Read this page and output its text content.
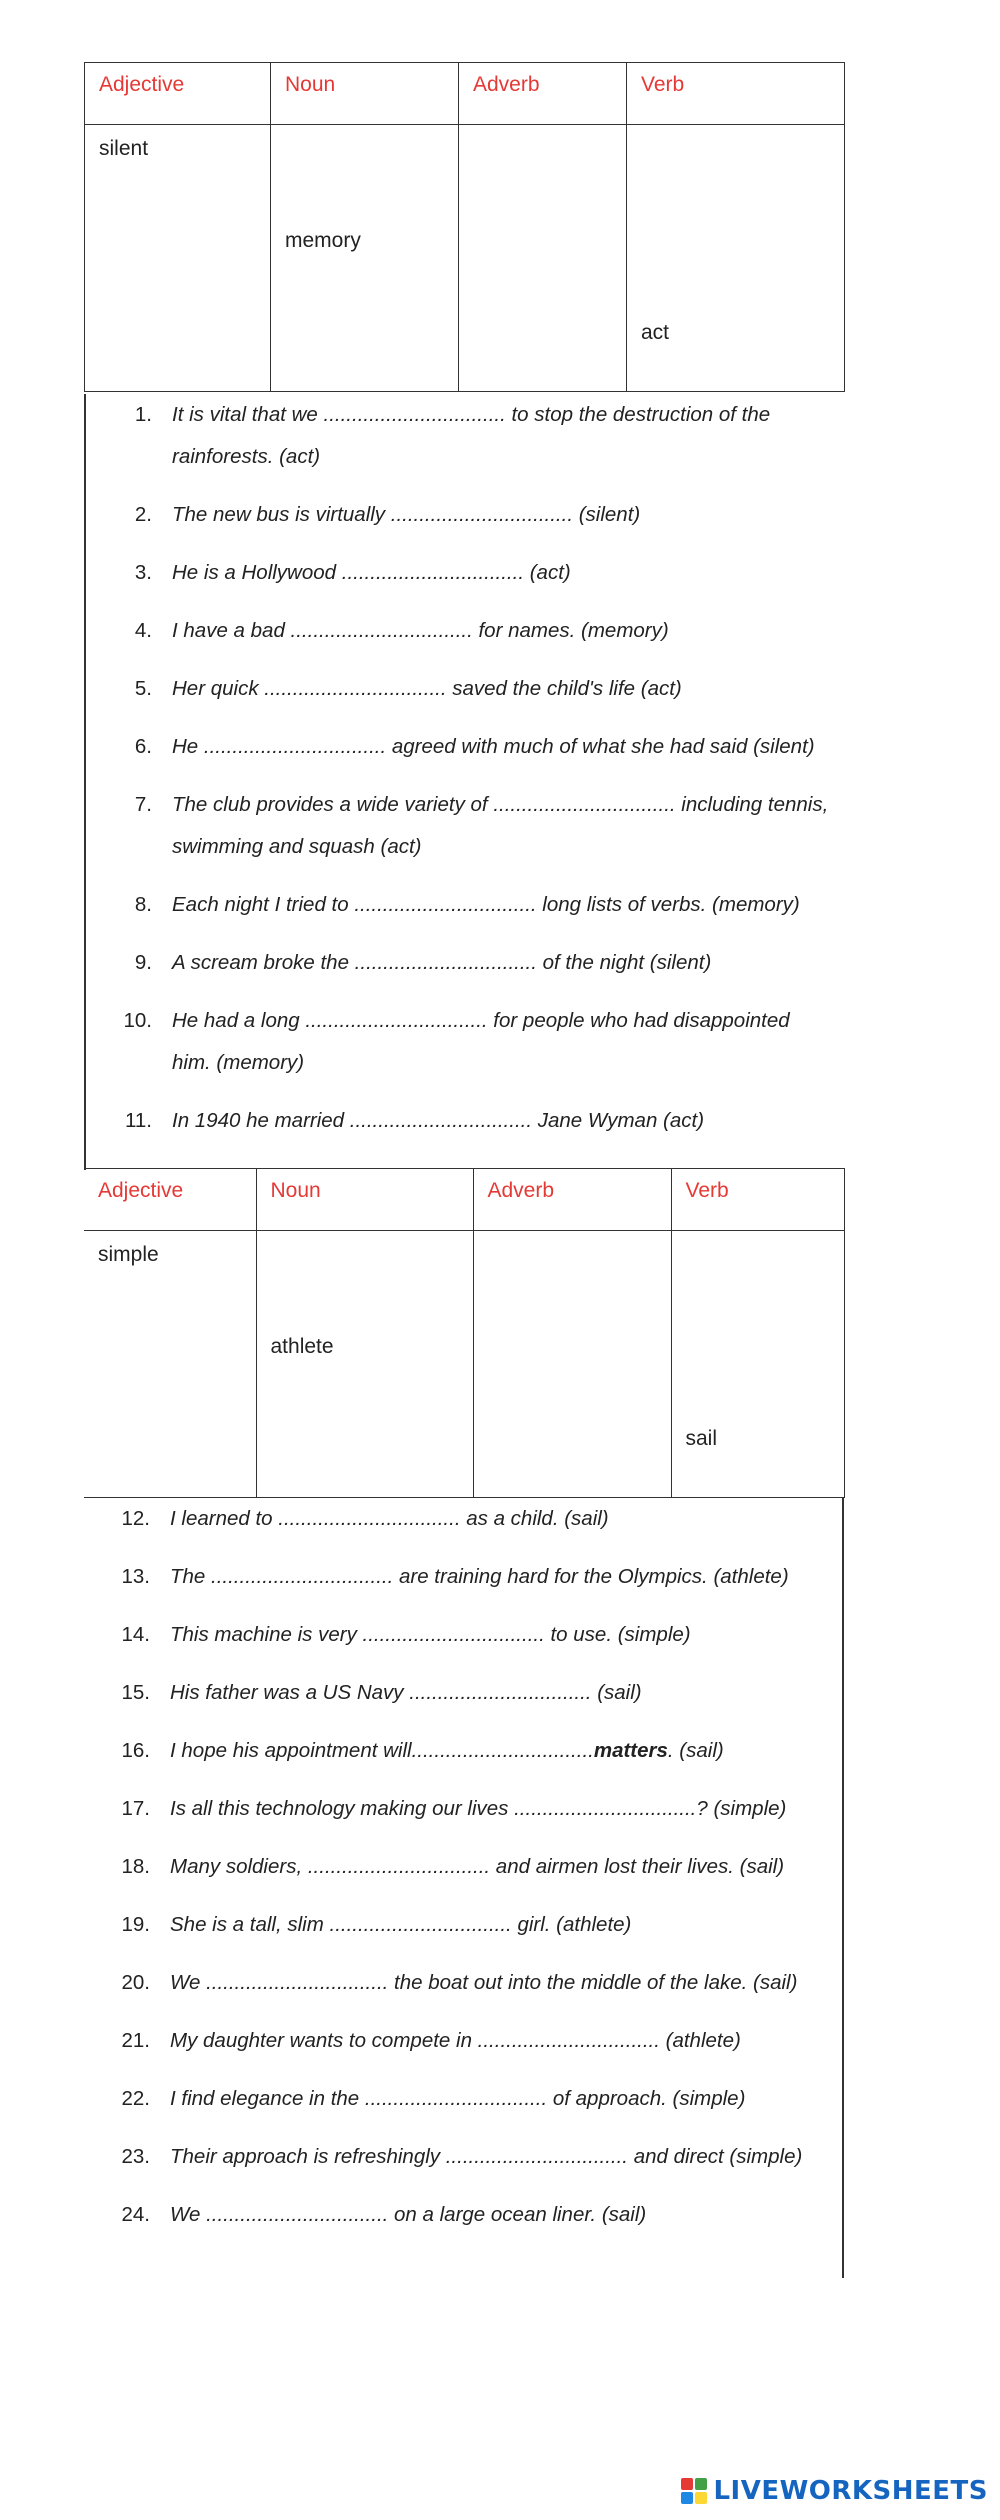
Adjective	Noun	Adverb	Verb

silent	memory		act
1. It is vital that we ................................ to stop the destruction of the rainforests. (act)
2. The new bus is virtually ................................ (silent)
3. He is a Hollywood ................................ (act)
4. I have a bad ................................ for names. (memory)
5. Her quick ................................ saved the child's life (act)
6. He ................................ agreed with much of what she had said (silent)
7. The club provides a wide variety of ................................ including tennis, swimming and squash (act)
8. Each night I tried to ................................ long lists of verbs. (memory)
9. A scream broke the ................................ of the night (silent)
10. He had a long ................................ for people who had disappointed him. (memory)
11. In 1940 he married ................................ Jane Wyman (act)
Adjective	Noun	Adverb	Verb

simple	athlete		sail
12. I learned to ................................ as a child. (sail)
13. The ................................ are training hard for the Olympics. (athlete)
14. This machine is very ................................ to use. (simple)
15. His father was a US Navy ................................ (sail)
16. I hope his appointment will................................matters. (sail)
17. Is all this technology making our lives ................................? (simple)
18. Many soldiers, ................................ and airmen lost their lives. (sail)
19. She is a tall, slim ................................ girl. (athlete)
20. We ................................ the boat out into the middle of the lake. (sail)
21. My daughter wants to compete in ................................ (athlete)
22. I find elegance in the ................................ of approach. (simple)
23. Their approach is refreshingly ................................ and direct (simple)
24. We ................................ on a large ocean liner. (sail)
LIVEWORKSHEETS
